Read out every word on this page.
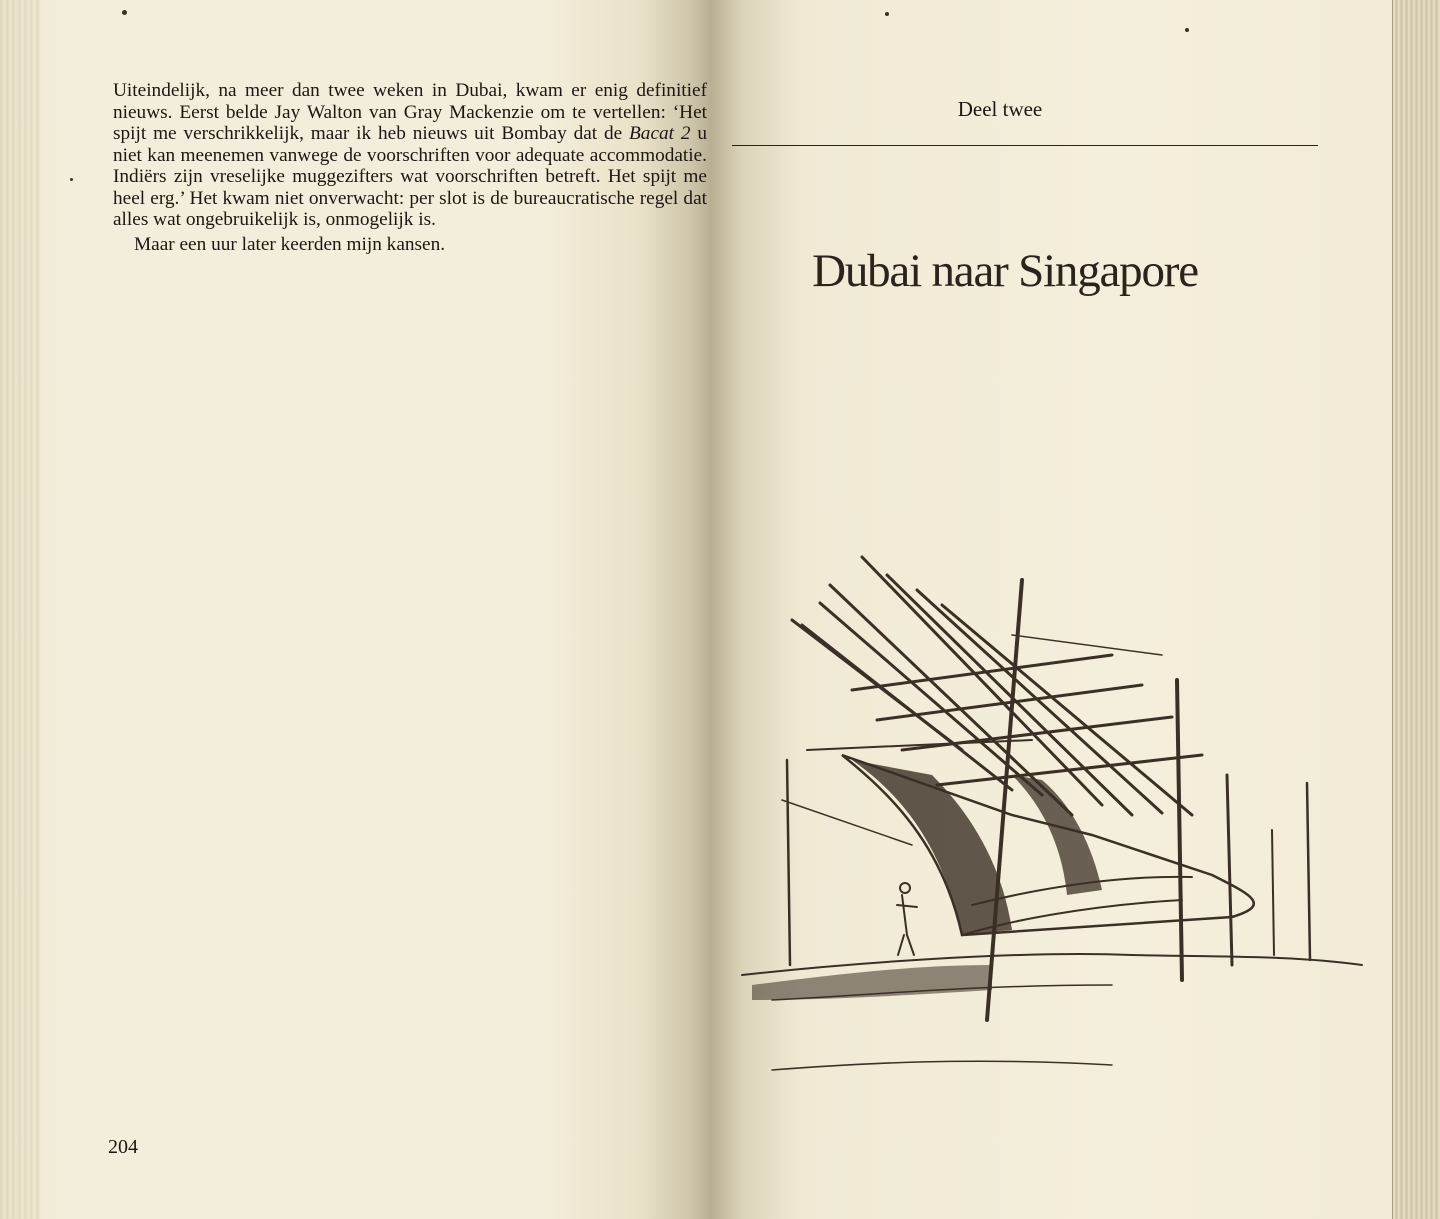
Uiteindelijk, na meer dan twee weken in Dubai, kwam er enig definitief nieuws. Eerst belde Jay Walton van Gray Mackenzie om te vertellen: ‘Het spijt me verschrikkelijk, maar ik heb nieuws uit Bombay dat de Bacat 2 u niet kan meenemen vanwege de voorschriften voor adequate accommodatie. Indiërs zijn vreselijke muggezifters wat voorschriften betreft. Het spijt me heel erg.’ Het kwam niet onverwacht: per slot is de bureaucratische regel dat alles wat ongebruikelijk is, onmogelijk is.

Maar een uur later keerden mijn kansen.

204
Deel twee
Dubai naar Singapore
